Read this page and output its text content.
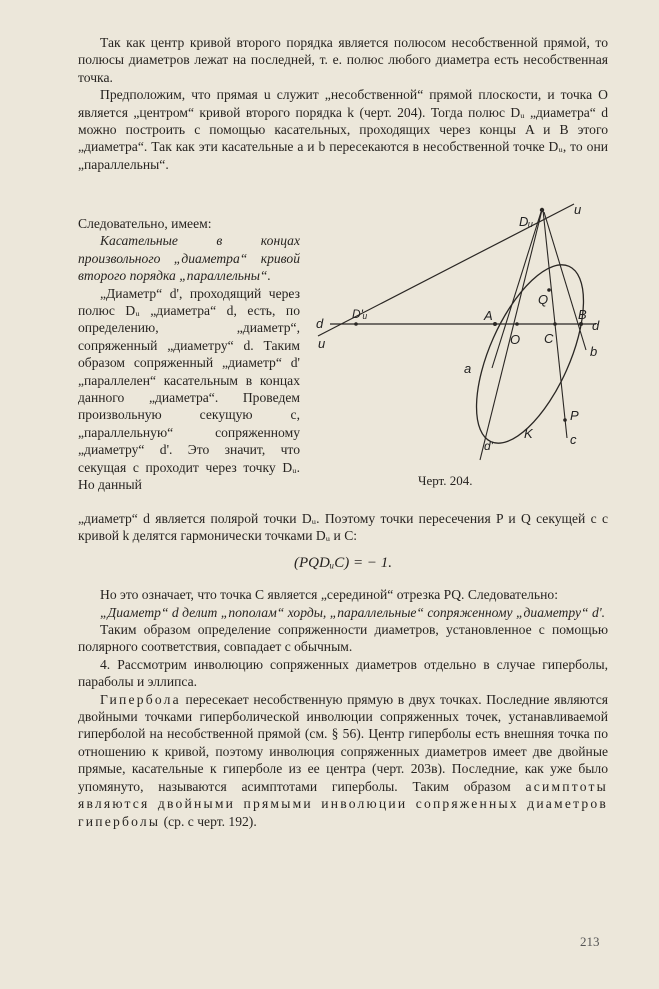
Так как центр кривой второго порядка является полюсом несобственной прямой, то полюсы диаметров лежат на последней, т. е. полюс любого диаметра есть несобственная точка.

Предположим, что прямая u служит „несобственной“ прямой плоскости, и точка O является „центром“ кривой второго порядка k (черт. 204). Тогда полюс Dᵤ „диаметра“ d можно построить с помощью касательных, проходящих через концы A и B этого „диаметра“. Так как эти касательные a и b пересекаются в несобственной точке Dᵤ, то они „параллельны“.

Следовательно, имеем:

Касательные в концах произвольного „диаметра“ кривой второго порядка „параллельны“.

„Диаметр“ d', проходящий через полюс Dᵤ „диаметра“ d, есть, по определению, „диаметр“, сопряженный „диаметру“ d. Таким образом сопряженный „диаметр“ d' „параллелен“ касательным в концах данного „диаметра“. Проведем произвольную секущую c, „параллельную“ сопряженному „диаметру“ d'. Это значит, что секущая c проходит через точку Dᵤ. Но данный

Dᵤ
u
D'ᵤ
d
u
A
O
Q
C
B
d
a
b
P
c
K
d'
Черт. 204.

„диаметр“ d является полярой точки Dᵤ. Поэтому точки пересечения P и Q секущей c с кривой k делятся гармонически точками Dᵤ и C:

(PQDᵤC) = − 1.

Но это означает, что точка C является „серединой“ отрезка PQ. Следовательно:

„Диаметр“ d делит „пополам“ хорды, „параллельные“ сопряженному „диаметру“ d'.

Таким образом определение сопряженности диаметров, установленное с помощью полярного соответствия, совпадает с обычным.

4. Рассмотрим инволюцию сопряженных диаметров отдельно в случае гиперболы, параболы и эллипса.

Гипербола пересекает несобственную прямую в двух точках. Последние являются двойными точками гиперболической инволюции сопряженных точек, устанавливаемой гиперболой на несобственной прямой (см. § 56). Центр гиперболы есть внешняя точка по отношению к кривой, поэтому инволюция сопряженных диаметров имеет две двойные прямые, касательные к гиперболе из ее центра (черт. 203в). Последние, как уже было упомянуто, называются асимптотами гиперболы. Таким образом асимптоты являются двойными прямыми инволюции сопряженных диаметров гиперболы (ср. с черт. 192).

213
